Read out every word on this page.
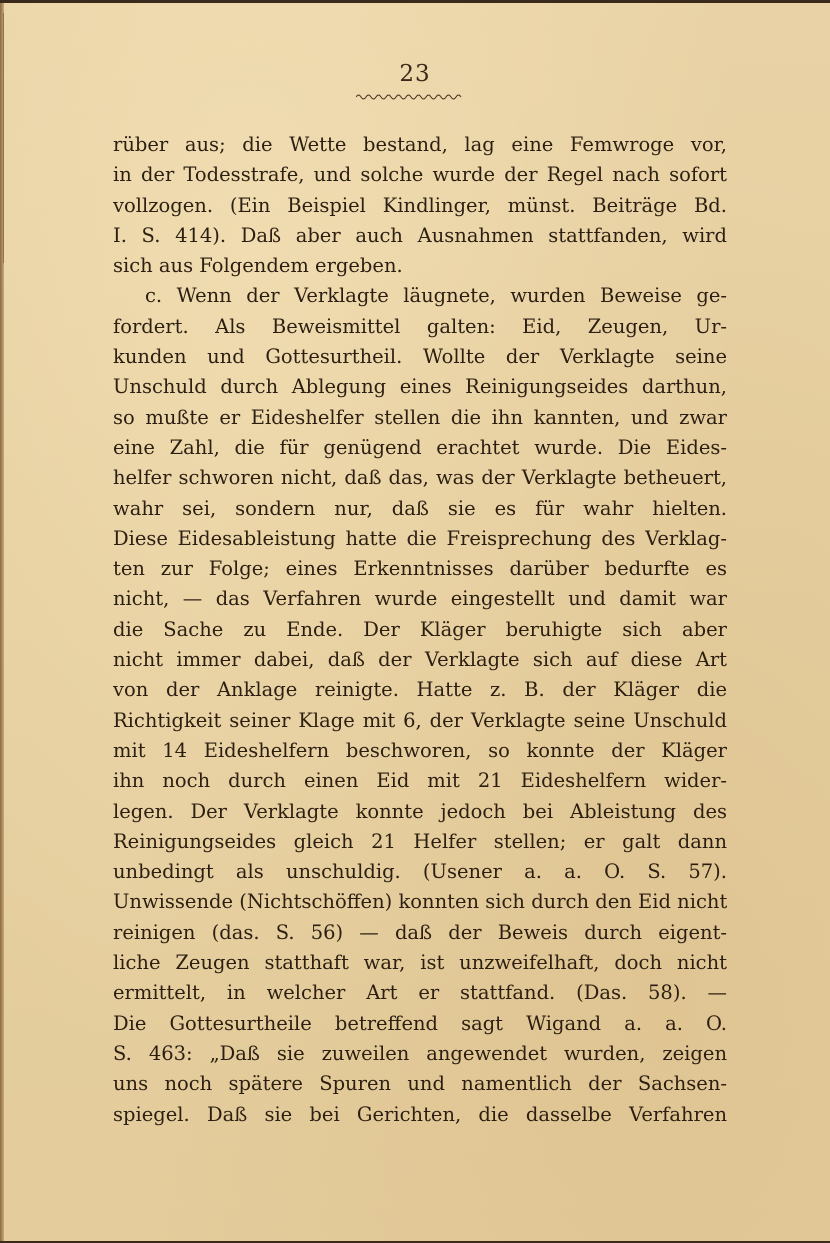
23
rüber aus; die Wette bestand, lag eine Femwroge vor,
in der Todesstrafe, und solche wurde der Regel nach sofort
vollzogen. (Ein Beispiel Kindlinger, münst. Beiträge Bd.
I. S. 414). Daß aber auch Ausnahmen stattfanden, wird
sich aus Folgendem ergeben.
c. Wenn der Verklagte läugnete, wurden Beweise ge-
fordert. Als Beweismittel galten: Eid, Zeugen, Ur-
kunden und Gottesurtheil. Wollte der Verklagte seine
Unschuld durch Ablegung eines Reinigungseides darthun,
so mußte er Eideshelfer stellen die ihn kannten, und zwar
eine Zahl, die für genügend erachtet wurde. Die Eides-
helfer schworen nicht, daß das, was der Verklagte betheuert,
wahr sei, sondern nur, daß sie es für wahr hielten.
Diese Eidesableistung hatte die Freisprechung des Verklag-
ten zur Folge; eines Erkenntnisses darüber bedurfte es
nicht, — das Verfahren wurde eingestellt und damit war
die Sache zu Ende. Der Kläger beruhigte sich aber
nicht immer dabei, daß der Verklagte sich auf diese Art
von der Anklage reinigte. Hatte z. B. der Kläger die
Richtigkeit seiner Klage mit 6, der Verklagte seine Unschuld
mit 14 Eideshelfern beschworen, so konnte der Kläger
ihn noch durch einen Eid mit 21 Eideshelfern wider-
legen. Der Verklagte konnte jedoch bei Ableistung des
Reinigungseides gleich 21 Helfer stellen; er galt dann
unbedingt als unschuldig. (Usener a. a. O. S. 57).
Unwissende (Nichtschöffen) konnten sich durch den Eid nicht
reinigen (das. S. 56) — daß der Beweis durch eigent-
liche Zeugen statthaft war, ist unzweifelhaft, doch nicht
ermittelt, in welcher Art er stattfand. (Das. 58). —
Die Gottesurtheile betreffend sagt Wigand a. a. O.
S. 463: „Daß sie zuweilen angewendet wurden, zeigen
uns noch spätere Spuren und namentlich der Sachsen-
spiegel. Daß sie bei Gerichten, die dasselbe Verfahren
